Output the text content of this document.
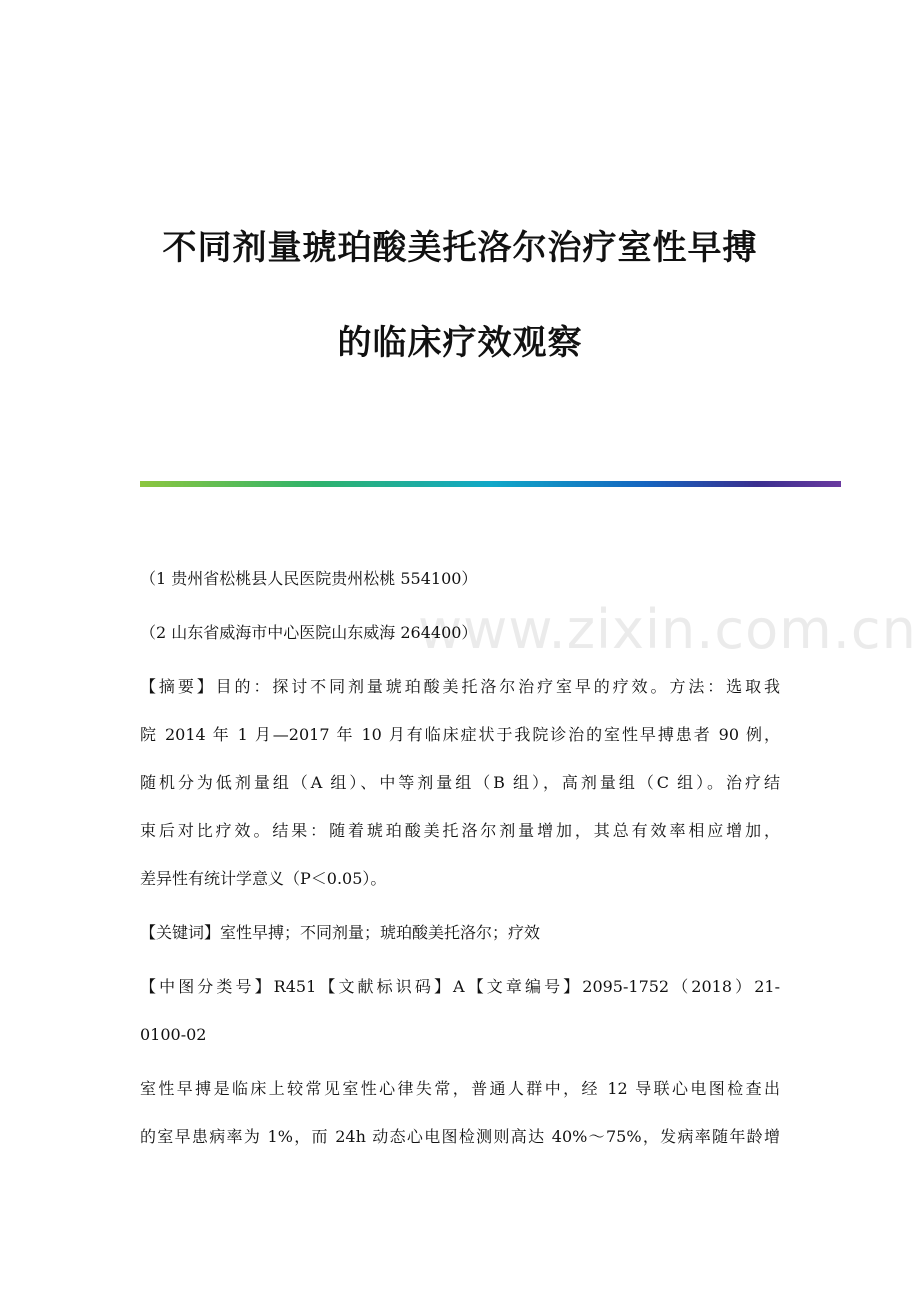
不同剂量琥珀酸美托洛尔治疗室性早搏
的临床疗效观察
www.zixin.com.cn

（1 贵州省松桃县人民医院贵州松桃 554100）

（2 山东省威海市中心医院山东威海 264400）

【摘要】目的：探讨不同剂量琥珀酸美托洛尔治疗室早的疗效。方法：选取我

院 2014 年 1 月—2017 年 10 月有临床症状于我院诊治的室性早搏患者 90 例，

随机分为低剂量组（A 组）、中等剂量组（B 组），高剂量组（C 组）。治疗结

束后对比疗效。结果：随着琥珀酸美托洛尔剂量增加，其总有效率相应增加，

差异性有统计学意义（P＜0.05）。

【关键词】室性早搏；不同剂量；琥珀酸美托洛尔；疗效

【中图分类号】R451【文献标识码】A【文章编号】2095-1752（2018）21-

0100-02

室性早搏是临床上较常见室性心律失常，普通人群中，经 12 导联心电图检查出

的室早患病率为 1%，而 24h 动态心电图检测则高达 40%～75%，发病率随年龄增
